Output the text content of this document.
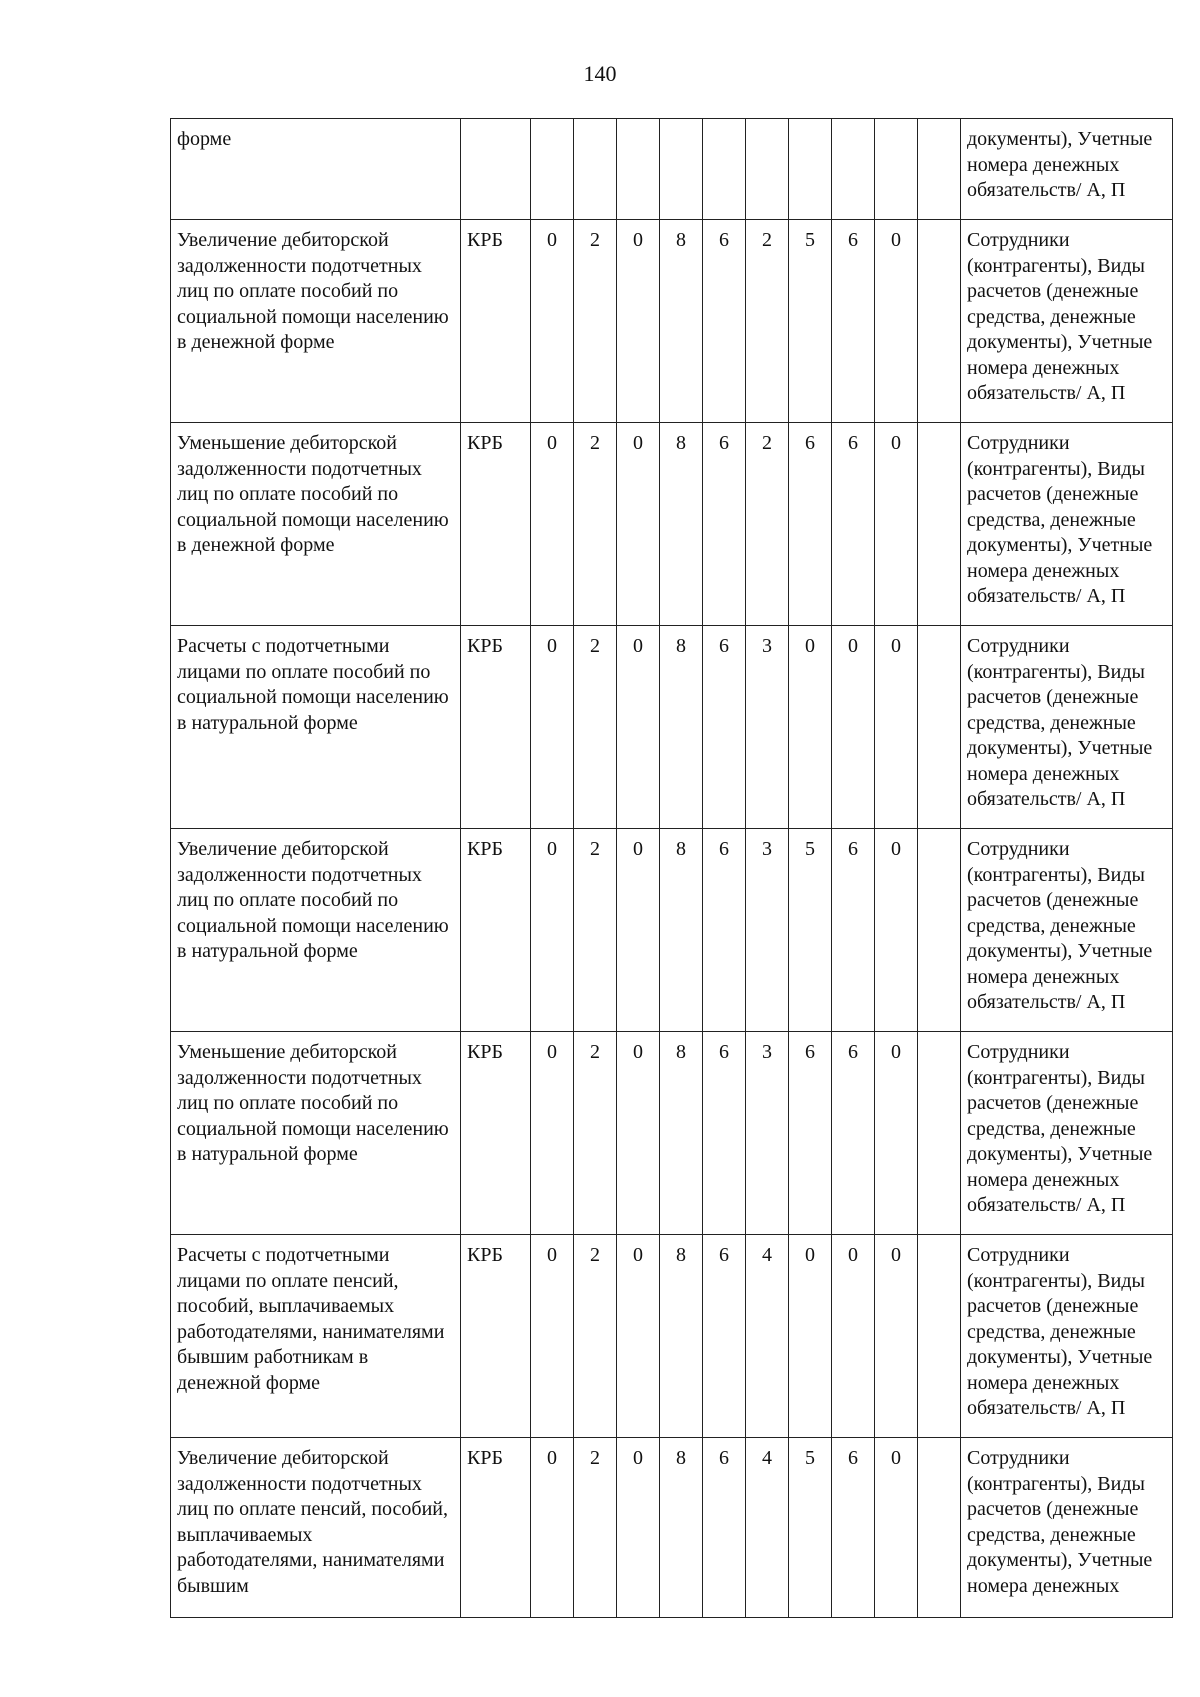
140
форме												документы), Учетные номера денежных обязательств/ А, П
Увеличение дебиторской задолженности подотчетных лиц по оплате пособий по социальной помощи населению в денежной форме	КРБ	0	2	0	8	6	2	5	6	0		Сотрудники (контрагенты), Виды расчетов (денежные средства, денежные документы), Учетные номера денежных обязательств/ А, П
Уменьшение дебиторской задолженности подотчетных лиц по оплате пособий по социальной помощи населению в денежной форме	КРБ	0	2	0	8	6	2	6	6	0		Сотрудники (контрагенты), Виды расчетов (денежные средства, денежные документы), Учетные номера денежных обязательств/ А, П
Расчеты с подотчетными лицами по оплате пособий по социальной помощи населению в натуральной форме	КРБ	0	2	0	8	6	3	0	0	0		Сотрудники (контрагенты), Виды расчетов (денежные средства, денежные документы), Учетные номера денежных обязательств/ А, П
Увеличение дебиторской задолженности подотчетных лиц по оплате пособий по социальной помощи населению в натуральной форме	КРБ	0	2	0	8	6	3	5	6	0		Сотрудники (контрагенты), Виды расчетов (денежные средства, денежные документы), Учетные номера денежных обязательств/ А, П
Уменьшение дебиторской задолженности подотчетных лиц по оплате пособий по социальной помощи населению в натуральной форме	КРБ	0	2	0	8	6	3	6	6	0		Сотрудники (контрагенты), Виды расчетов (денежные средства, денежные документы), Учетные номера денежных обязательств/ А, П
Расчеты с подотчетными лицами по оплате пенсий, пособий, выплачиваемых работодателями, нанимателями бывшим работникам в денежной форме	КРБ	0	2	0	8	6	4	0	0	0		Сотрудники (контрагенты), Виды расчетов (денежные средства, денежные документы), Учетные номера денежных обязательств/ А, П
Увеличение дебиторской задолженности подотчетных лиц по оплате пенсий, пособий, выплачиваемых работодателями, нанимателями бывшим	КРБ	0	2	0	8	6	4	5	6	0		Сотрудники (контрагенты), Виды расчетов (денежные средства, денежные документы), Учетные номера денежных
